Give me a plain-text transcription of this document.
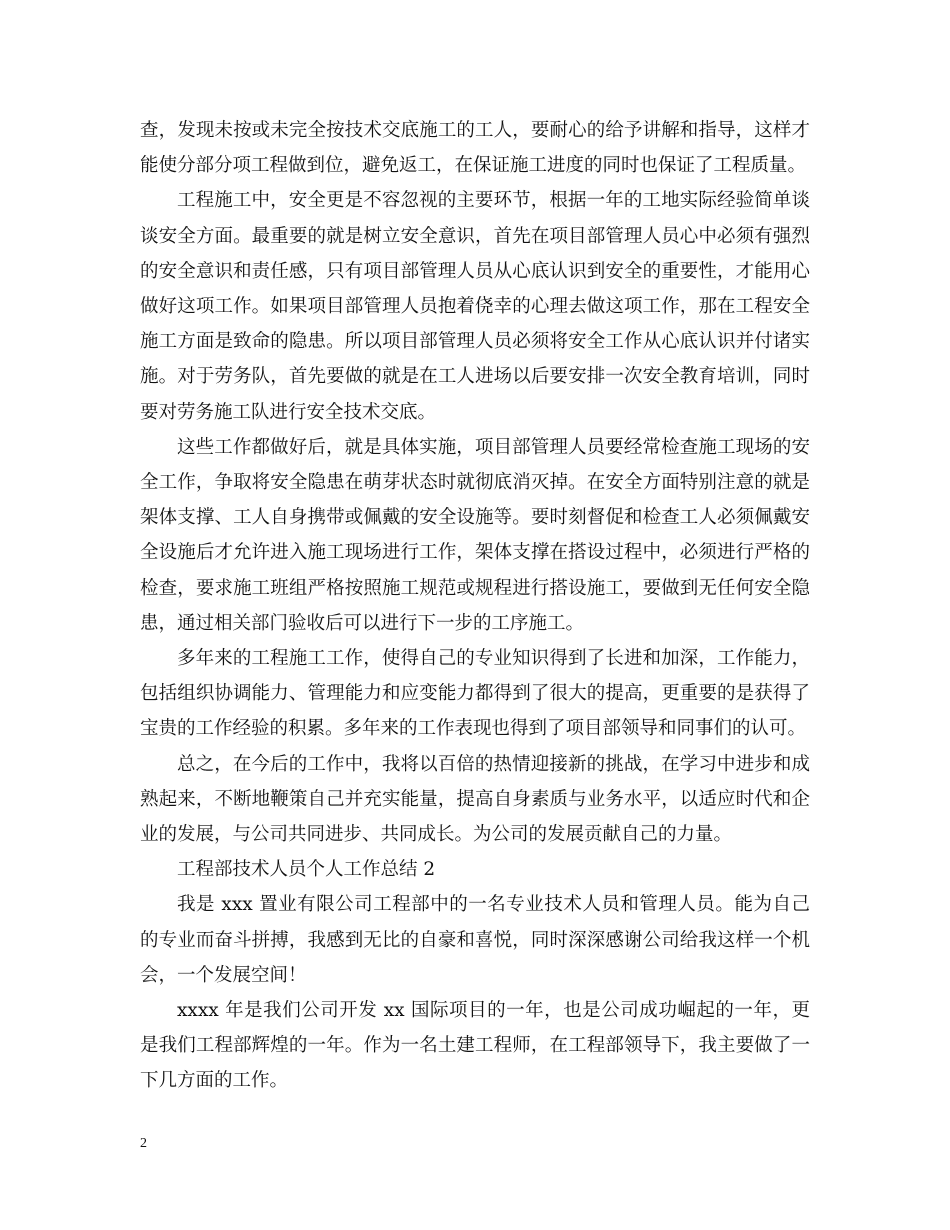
查，发现未按或未完全按技术交底施工的工人，要耐心的给予讲解和指导，这样才能使分部分项工程做到位，避免返工，在保证施工进度的同时也保证了工程质量。

工程施工中，安全更是不容忽视的主要环节，根据一年的工地实际经验简单谈谈安全方面。最重要的就是树立安全意识，首先在项目部管理人员心中必须有强烈的安全意识和责任感，只有项目部管理人员从心底认识到安全的重要性，才能用心做好这项工作。如果项目部管理人员抱着侥幸的心理去做这项工作，那在工程安全施工方面是致命的隐患。所以项目部管理人员必须将安全工作从心底认识并付诸实施。对于劳务队，首先要做的就是在工人进场以后要安排一次安全教育培训，同时要对劳务施工队进行安全技术交底。

这些工作都做好后，就是具体实施，项目部管理人员要经常检查施工现场的安全工作，争取将安全隐患在萌芽状态时就彻底消灭掉。在安全方面特别注意的就是架体支撑、工人自身携带或佩戴的安全设施等。要时刻督促和检查工人必须佩戴安全设施后才允许进入施工现场进行工作，架体支撑在搭设过程中，必须进行严格的检查，要求施工班组严格按照施工规范或规程进行搭设施工，要做到无任何安全隐患，通过相关部门验收后可以进行下一步的工序施工。

多年来的工程施工工作，使得自己的专业知识得到了长进和加深，工作能力，包括组织协调能力、管理能力和应变能力都得到了很大的提高，更重要的是获得了宝贵的工作经验的积累。多年来的工作表现也得到了项目部领导和同事们的认可。

总之，在今后的工作中，我将以百倍的热情迎接新的挑战，在学习中进步和成熟起来，不断地鞭策自己并充实能量，提高自身素质与业务水平，以适应时代和企业的发展，与公司共同进步、共同成长。为公司的发展贡献自己的力量。

工程部技术人员个人工作总结 2

我是 xxx 置业有限公司工程部中的一名专业技术人员和管理人员。能为自己的专业而奋斗拼搏，我感到无比的自豪和喜悦，同时深深感谢公司给我这样一个机会，一个发展空间！

xxxx 年是我们公司开发 xx 国际项目的一年，也是公司成功崛起的一年，更是我们工程部辉煌的一年。作为一名土建工程师，在工程部领导下，我主要做了一下几方面的工作。

2
